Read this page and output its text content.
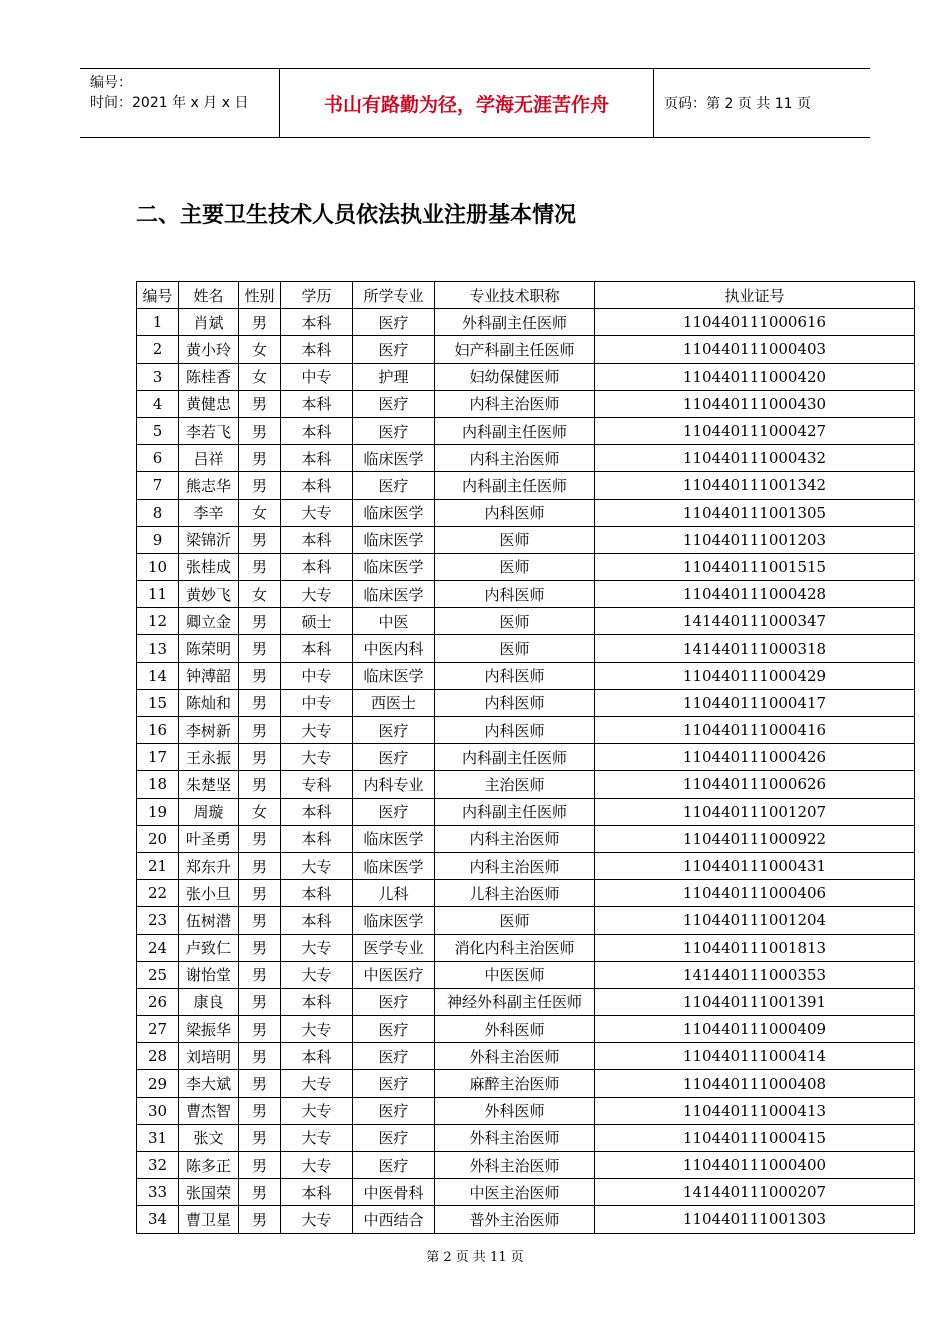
编号：
时间：2021 年 x 月 x 日	书山有路勤为径，学海无涯苦作舟	页码：第 2 页 共 11 页
二、主要卫生技术人员依法执业注册基本情况
编号	姓名	性别	学历	所学专业	专业技术职称	执业证号
1	肖斌	男	本科	医疗	外科副主任医师	110440111000616
2	黄小玲	女	本科	医疗	妇产科副主任医师	110440111000403
3	陈桂香	女	中专	护理	妇幼保健医师	110440111000420
4	黄健忠	男	本科	医疗	内科主治医师	110440111000430
5	李若飞	男	本科	医疗	内科副主任医师	110440111000427
6	吕祥	男	本科	临床医学	内科主治医师	110440111000432
7	熊志华	男	本科	医疗	内科副主任医师	110440111001342
8	李辛	女	大专	临床医学	内科医师	110440111001305
9	梁锦沂	男	本科	临床医学	医师	110440111001203
10	张桂成	男	本科	临床医学	医师	110440111001515
11	黄妙飞	女	大专	临床医学	内科医师	110440111000428
12	卿立金	男	硕士	中医	医师	141440111000347
13	陈荣明	男	本科	中医内科	医师	141440111000318
14	钟溥韶	男	中专	临床医学	内科医师	110440111000429
15	陈灿和	男	中专	西医士	内科医师	110440111000417
16	李树新	男	大专	医疗	内科医师	110440111000416
17	王永振	男	大专	医疗	内科副主任医师	110440111000426
18	朱楚坚	男	专科	内科专业	主治医师	110440111000626
19	周璇	女	本科	医疗	内科副主任医师	110440111001207
20	叶圣勇	男	本科	临床医学	内科主治医师	110440111000922
21	郑东升	男	大专	临床医学	内科主治医师	110440111000431
22	张小旦	男	本科	儿科	儿科主治医师	110440111000406
23	伍树潜	男	本科	临床医学	医师	110440111001204
24	卢致仁	男	大专	医学专业	消化内科主治医师	110440111001813
25	谢怡堂	男	大专	中医医疗	中医医师	141440111000353
26	康良	男	本科	医疗	神经外科副主任医师	110440111001391
27	梁振华	男	大专	医疗	外科医师	110440111000409
28	刘培明	男	本科	医疗	外科主治医师	110440111000414
29	李大斌	男	大专	医疗	麻醉主治医师	110440111000408
30	曹杰智	男	大专	医疗	外科医师	110440111000413
31	张文	男	大专	医疗	外科主治医师	110440111000415
32	陈多正	男	大专	医疗	外科主治医师	110440111000400
33	张国荣	男	本科	中医骨科	中医主治医师	141440111000207
34	曹卫星	男	大专	中西结合	普外主治医师	110440111001303
第 2 页 共 11 页
